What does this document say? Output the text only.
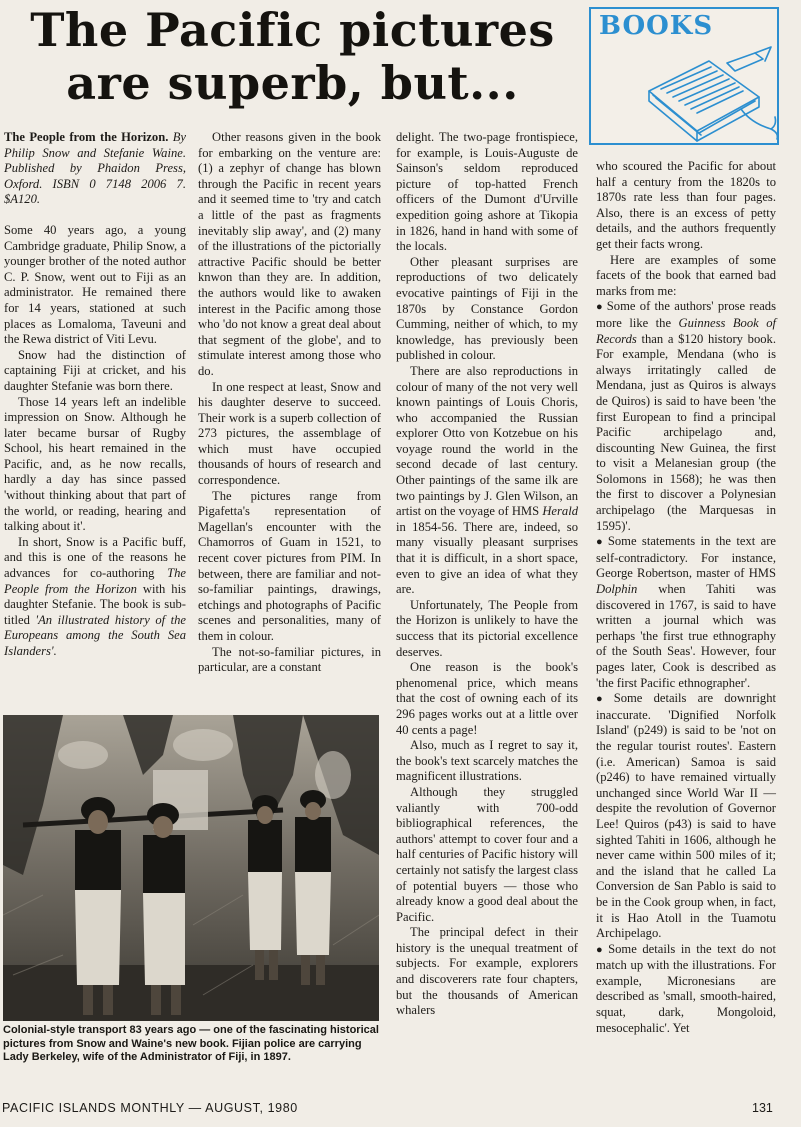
The Pacific pictures
are superb, but...
BOOKS

The People from the Horizon. By Philip Snow and Stefanie Waine. Published by Phaidon Press, Oxford. ISBN 0 7148 2006 7. $A120.

Some 40 years ago, a young Cambridge graduate, Philip Snow, a younger brother of the noted author C. P. Snow, went out to Fiji as an administrator. He remained there for 14 years, stationed at such places as Lomaloma, Taveuni and the Rewa district of Viti Levu.

Snow had the distinction of captaining Fiji at cricket, and his daughter Stefanie was born there.

Those 14 years left an indelible impression on Snow. Although he later became bursar of Rugby School, his heart remained in the Pacific, and, as he now recalls, hardly a day has since passed 'without thinking about that part of the world, or reading, hearing and talking about it'.

In short, Snow is a Pacific buff, and this is one of the reasons he advances for co-authoring The People from the Horizon with his daughter Stefanie. The book is sub-titled 'An illustrated history of the Europeans among the South Sea Islanders'.

Other reasons given in the book for embarking on the venture are: (1) a zephyr of change has blown through the Pacific in recent years and it seemed time to 'try and catch a little of the past as fragments inevitably slip away', and (2) many of the illustrations of the pictorially attractive Pacific should be better knwon than they are. In addition, the authors would like to awaken interest in the Pacific among those who 'do not know a great deal about that segment of the globe', and to stimulate interest among those who do.

In one respect at least, Snow and his daughter deserve to succeed. Their work is a superb collection of 273 pictures, the assemblage of which must have occupied thousands of hours of research and correspondence.

The pictures range from Pigafetta's representation of Magellan's encounter with the Chamorros of Guam in 1521, to recent cover pictures from PIM. In between, there are familiar and not-so-familiar paintings, drawings, etchings and photographs of Pacific scenes and personalities, many of them in colour.

The not-so-familiar pictures, in particular, are a constant

Colonial-style transport 83 years ago — one of the fascinating historical pictures from Snow and Waine's new book. Fijian police are carrying Lady Berkeley, wife of the Administrator of Fiji, in 1897.

delight. The two-page frontispiece, for example, is Louis-Auguste de Sainson's seldom reproduced picture of top-hatted French officers of the Dumont d'Urville expedition going ashore at Tikopia in 1826, hand in hand with some of the locals.

Other pleasant surprises are reproductions of two delicately evocative paintings of Fiji in the 1870s by Constance Gordon Cumming, neither of which, to my knowledge, has previously been published in colour.

There are also reproductions in colour of many of the not very well known paintings of Louis Choris, who accompanied the Russian explorer Otto von Kotzebue on his voyage round the world in the second decade of last century. Other paintings of the same ilk are two paintings by J. Glen Wilson, an artist on the voyage of HMS Herald in 1854-56. There are, indeed, so many visually pleasant surprises that it is difficult, in a short space, even to give an idea of what they are.

Unfortunately, The People from the Horizon is unlikely to have the success that its pictorial excellence deserves.

One reason is the book's phenomenal price, which means that the cost of owning each of its 296 pages works out at a little over 40 cents a page!

Also, much as I regret to say it, the book's text scarcely matches the magnificent illustrations.

Although they struggled valiantly with 700-odd bibliographical references, the authors' attempt to cover four and a half centuries of Pacific history will certainly not satisfy the largest class of potential buyers — those who already know a good deal about the Pacific.

The principal defect in their history is the unequal treatment of subjects. For example, explorers and discoverers rate four chapters, but the thousands of American whalers

who scoured the Pacific for about half a century from the 1820s to 1870s rate less than four pages. Also, there is an excess of petty details, and the authors frequently get their facts wrong.

Here are examples of some facets of the book that earned bad marks from me:

● Some of the authors' prose reads more like the Guinness Book of Records than a $120 history book. For example, Mendana (who is always irritatingly called de Mendana, just as Quiros is always de Quiros) is said to have been 'the first European to find a principal Pacific archipelago and, discounting New Guinea, the first to visit a Melanesian group (the Solomons in 1568); he was then the first to discover a Polynesian archipelago (the Marquesas in 1595)'.

● Some statements in the text are self-contradictory. For instance, George Robertson, master of HMS Dolphin when Tahiti was discovered in 1767, is said to have written a journal which was perhaps 'the first true ethnography of the South Seas'. However, four pages later, Cook is described as 'the first Pacific ethnographer'.

● Some details are downright inaccurate. 'Dignified Norfolk Island' (p249) is said to be 'not on the regular tourist routes'. Eastern (i.e. American) Samoa is said (p246) to have remained virtually unchanged since World War II — despite the revolution of Governor Lee! Quiros (p43) is said to have sighted Tahiti in 1606, although he never came within 500 miles of it; and the island that he called La Conversion de San Pablo is said to be in the Cook group when, in fact, it is Hao Atoll in the Tuamotu Archipelago.

● Some details in the text do not match up with the illustrations. For example, Micronesians are described as 'small, smooth-haired, squat, dark, Mongoloid, mesocephalic'. Yet

PACIFIC ISLANDS MONTHLY — AUGUST, 1980	131
